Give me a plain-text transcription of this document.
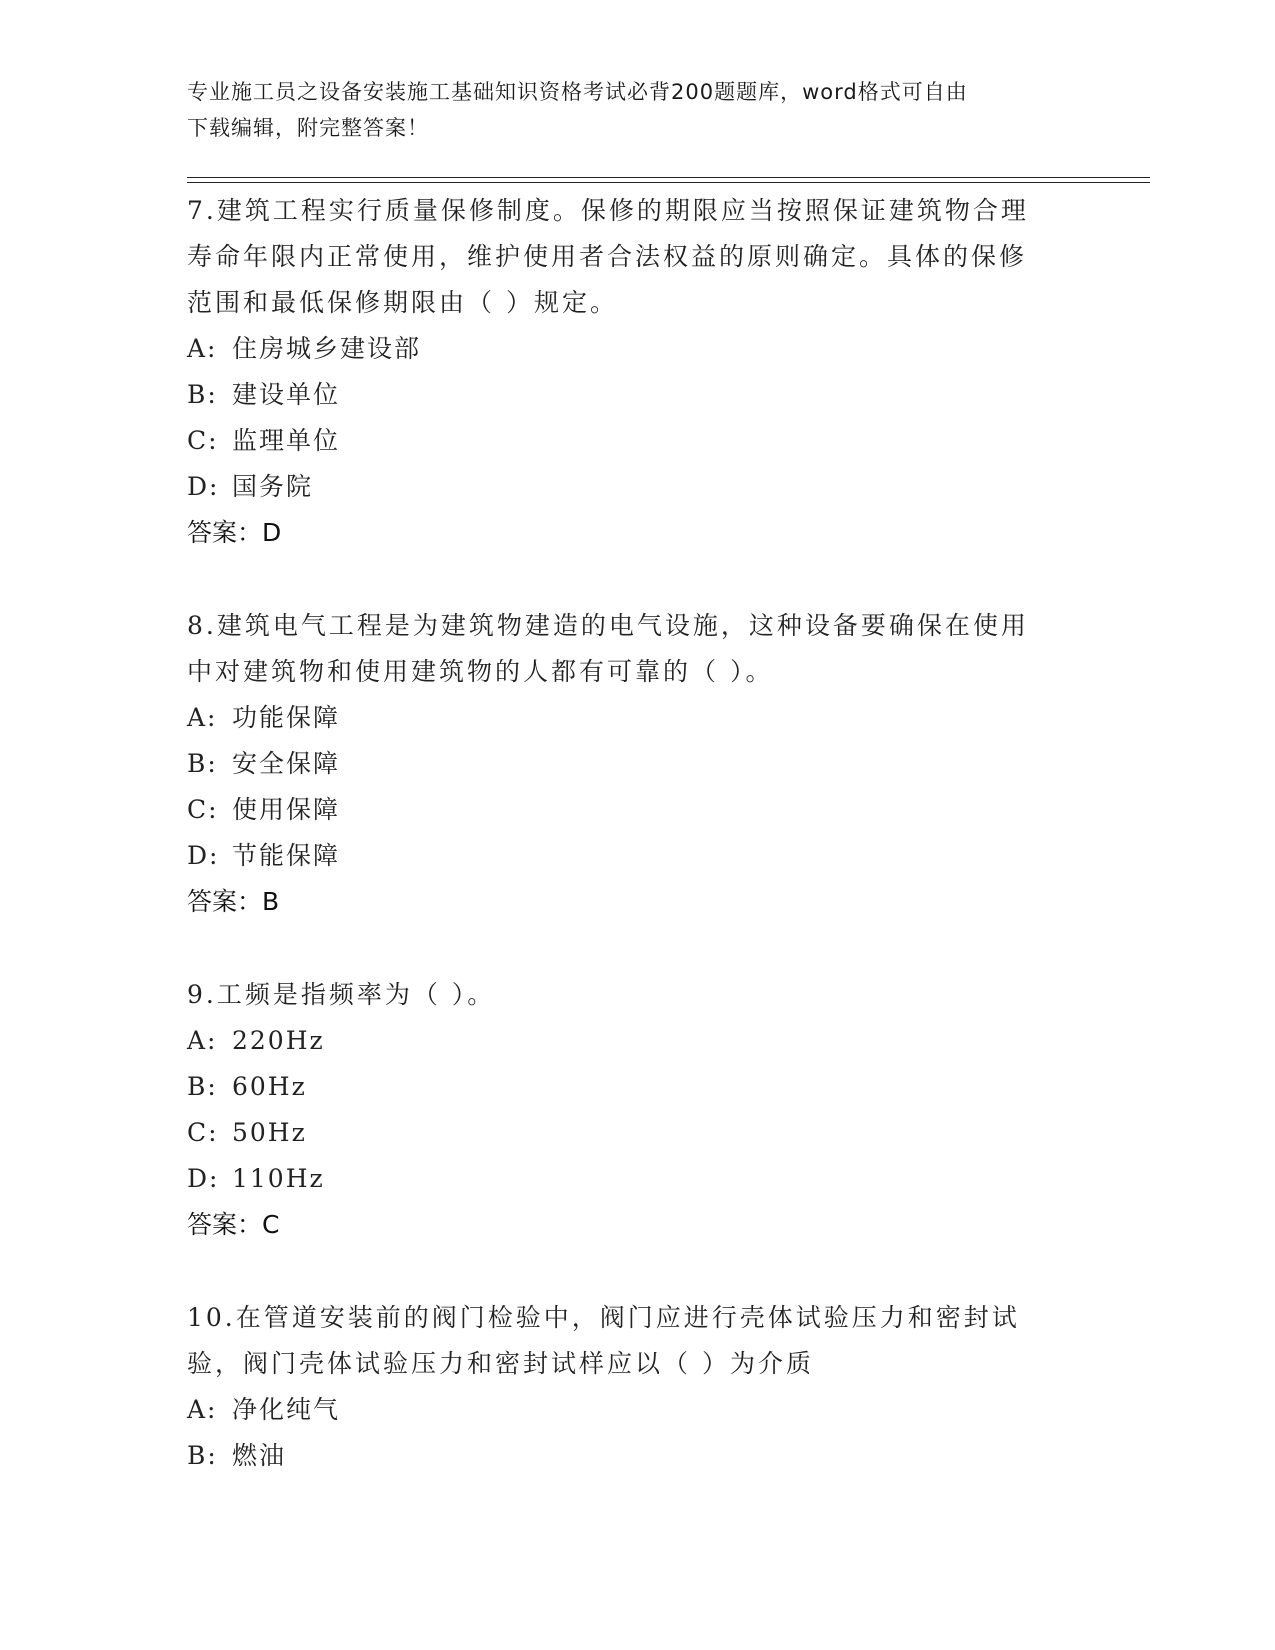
专业施工员之设备安装施工基础知识资格考试必背200题题库，word格式可自由
下载编辑，附完整答案！
7.建筑工程实行质量保修制度。保修的期限应当按照保证建筑物合理寿命年限内正常使用，维护使用者合法权益的原则确定。具体的保修范围和最低保修期限由（ ）规定。
A: 住房城乡建设部
B: 建设单位
C: 监理单位
D: 国务院
答案：D
8.建筑电气工程是为建筑物建造的电气设施，这种设备要确保在使用中对建筑物和使用建筑物的人都有可靠的（ ）。
A: 功能保障
B: 安全保障
C: 使用保障
D: 节能保障
答案：B
9.工频是指频率为（ ）。
A: 220Hz
B: 60Hz
C: 50Hz
D: 110Hz
答案：C
10.在管道安装前的阀门检验中，阀门应进行壳体试验压力和密封试验，阀门壳体试验压力和密封试样应以（ ）为介质
A: 净化纯气
B: 燃油
